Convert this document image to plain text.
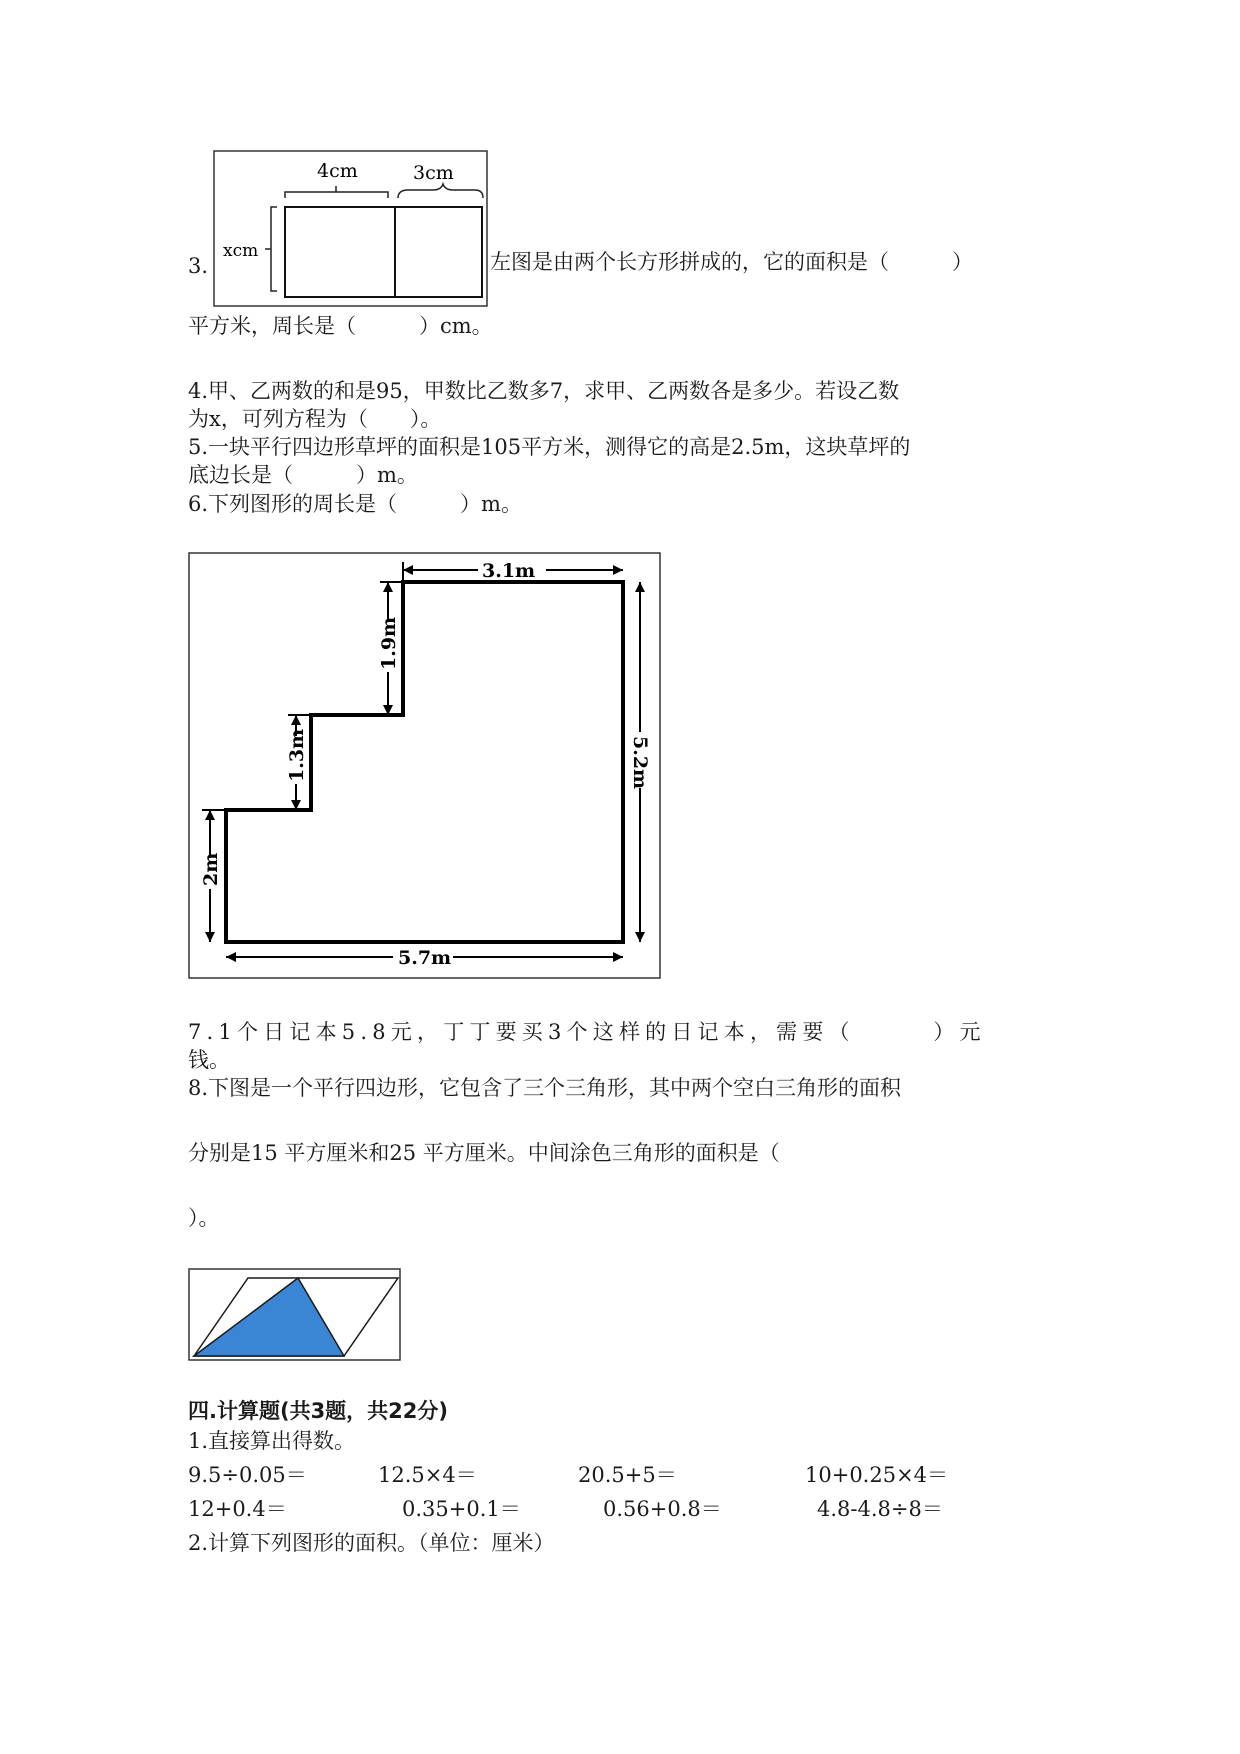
3.
4cm	3cm
xcm	左图是由两个长方形拼成的，它的面积是（　　　）
平方米，周长是（　　　）cm。
4.甲、乙两数的和是95，甲数比乙数多7，求甲、乙两数各是多少。若设乙数
为x，可列方程为（　　）。
5.一块平行四边形草坪的面积是105平方米，测得它的高是2.5m，这块草坪的
底边长是（　　　）m。
6.下列图形的周长是（　　　）m。
3.1m
5.2m
5.7m
2m
1.3m
1.9m
7.1个日记本5.8元，丁丁要买3个这样的日记本，需要（　　　）元
钱。
8.下图是一个平行四边形，它包含了三个三角形，其中两个空白三角形的面积
分别是15 平方厘米和25 平方厘米。中间涂色三角形的面积是（
）。
四.计算题(共3题，共22分)
1.直接算出得数。
9.5÷0.05＝	12.5×4＝	20.5+5＝	10+0.25×4＝
12+0.4＝	0.35+0.1＝	0.56+0.8＝	4.8-4.8÷8＝
2.计算下列图形的面积。（单位：厘米）
